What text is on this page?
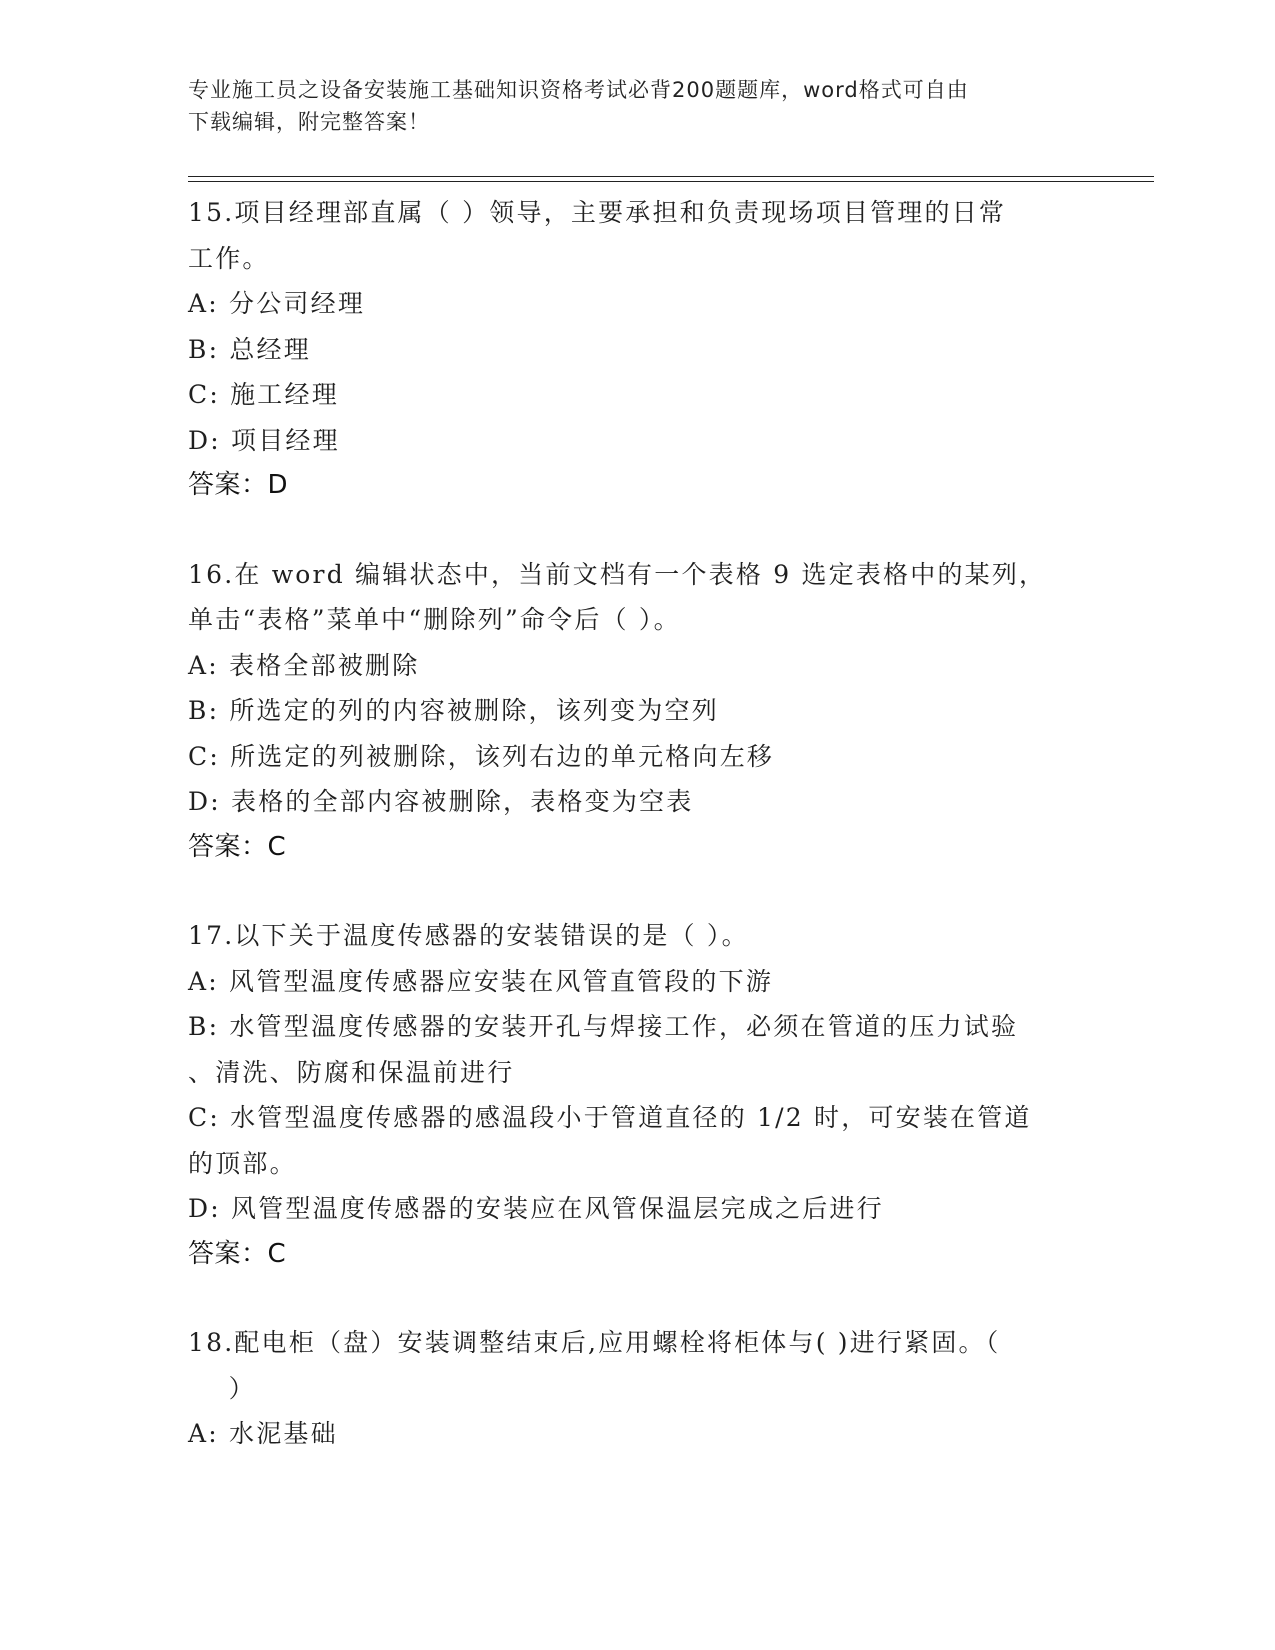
专业施工员之设备安装施工基础知识资格考试必背200题题库，word格式可自由
下载编辑，附完整答案！
15.项目经理部直属（ ）领导，主要承担和负责现场项目管理的日常
工作。
A: 分公司经理
B: 总经理
C: 施工经理
D: 项目经理
答案：D
16.在 word 编辑状态中，当前文档有一个表格 9 选定表格中的某列，
单击“表格”菜单中“删除列”命令后（ ）。
A: 表格全部被删除
B: 所选定的列的内容被删除，该列变为空列
C: 所选定的列被删除，该列右边的单元格向左移
D: 表格的全部内容被删除，表格变为空表
答案：C
17.以下关于温度传感器的安装错误的是（ ）。
A: 风管型温度传感器应安装在风管直管段的下游
B: 水管型温度传感器的安装开孔与焊接工作，必须在管道的压力试验
、清洗、防腐和保温前进行
C: 水管型温度传感器的感温段小于管道直径的 1/2 时，可安装在管道
的顶部。
D: 风管型温度传感器的安装应在风管保温层完成之后进行
答案：C
18.配电柜（盘）安装调整结束后,应用螺栓将柜体与( )进行紧固。（
）
A: 水泥基础
